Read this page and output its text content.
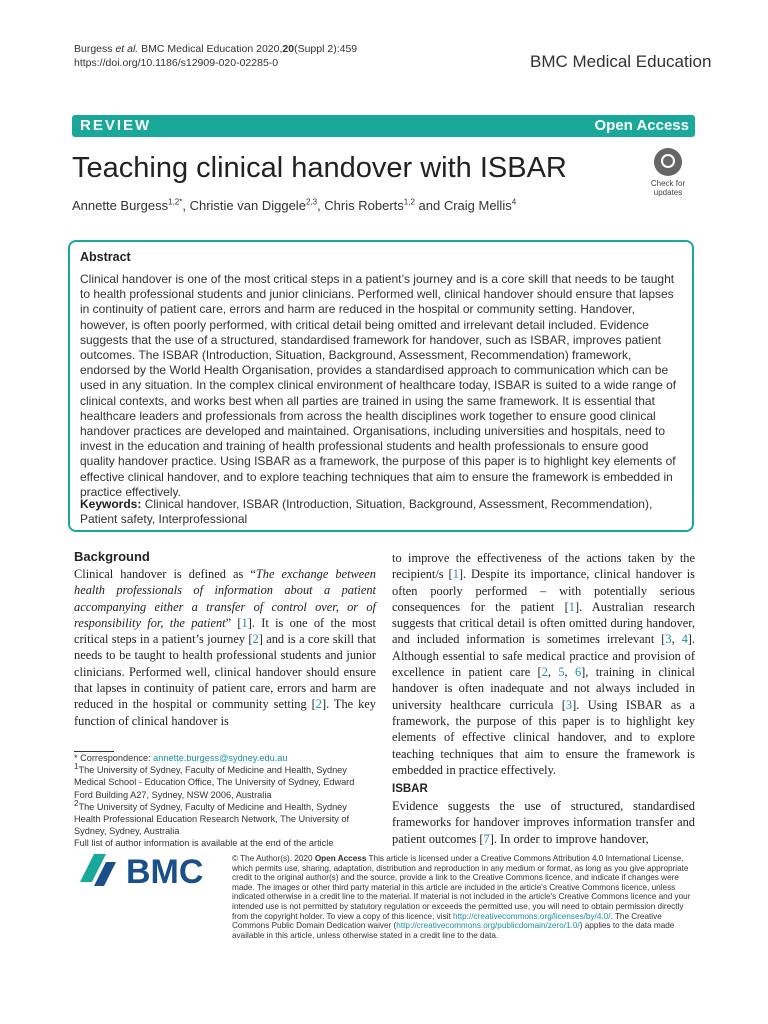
Burgess et al. BMC Medical Education 2020,20(Suppl 2):459
https://doi.org/10.1186/s12909-020-02285-0	BMC Medical Education
REVIEW	Open Access
Teaching clinical handover with ISBAR
Annette Burgess$^{1,2*}$, Christie van Diggele$^{2,3}$, Chris Roberts$^{1,2}$ and Craig Mellis$^4$
Check for
updates
Abstract
Clinical handover is one of the most critical steps in a patient’s journey and is a core skill that needs to be taught to health professional students and junior clinicians. Performed well, clinical handover should ensure that lapses in continuity of patient care, errors and harm are reduced in the hospital or community setting. Handover, however, is often poorly performed, with critical detail being omitted and irrelevant detail included. Evidence suggests that the use of a structured, standardised framework for handover, such as ISBAR, improves patient outcomes. The ISBAR (Introduction, Situation, Background, Assessment, Recommendation) framework, endorsed by the World Health Organisation, provides a standardised approach to communication which can be used in any situation. In the complex clinical environment of healthcare today, ISBAR is suited to a wide range of clinical contexts, and works best when all parties are trained in using the same framework. It is essential that healthcare leaders and professionals from across the health disciplines work together to ensure good clinical handover practices are developed and maintained. Organisations, including universities and hospitals, need to invest in the education and training of health professional students and health professionals to ensure good quality handover practice. Using ISBAR as a framework, the purpose of this paper is to highlight key elements of effective clinical handover, and to explore teaching techniques that aim to ensure the framework is embedded in practice effectively.
Keywords: Clinical handover, ISBAR (Introduction, Situation, Background, Assessment, Recommendation), Patient safety, Interprofessional
Background
Clinical handover is defined as “The exchange between health professionals of information about a patient accompanying either a transfer of control over, or of responsibility for, the patient” [1]. It is one of the most critical steps in a patient’s journey [2] and is a core skill that needs to be taught to health professional students and junior clinicians. Performed well, clinical handover should ensure that lapses in continuity of patient care, errors and harm are reduced in the hospital or community setting [2]. The key function of clinical handover is
* Correspondence: annette.burgess@sydney.edu.au
$^1$The University of Sydney, Faculty of Medicine and Health, Sydney Medical School - Education Office, The University of Sydney, Edward Ford Building A27, Sydney, NSW 2006, Australia
$^2$The University of Sydney, Faculty of Medicine and Health, Sydney Health Professional Education Research Network, The University of Sydney, Sydney, Australia
Full list of author information is available at the end of the article
to improve the effectiveness of the actions taken by the recipient/s [1]. Despite its importance, clinical handover is often poorly performed – with potentially serious consequences for the patient [1]. Australian research suggests that critical detail is often omitted during handover, and included information is sometimes irrelevant [3, 4]. Although essential to safe medical practice and provision of excellence in patient care [2, 5, 6], training in clinical handover is often inadequate and not always included in university healthcare curricula [3]. Using ISBAR as a framework, the purpose of this paper is to highlight key elements of effective clinical handover, and to explore teaching techniques that aim to ensure the framework is embedded in practice effectively.
ISBAR
Evidence suggests the use of structured, standardised frameworks for handover improves information transfer and patient outcomes [7]. In order to improve handover,
BMC	© The Author(s). 2020 Open Access This article is licensed under a Creative Commons Attribution 4.0 International License, which permits use, sharing, adaptation, distribution and reproduction in any medium or format, as long as you give appropriate credit to the original author(s) and the source, provide a link to the Creative Commons licence, and indicate if changes were made. The images or other third party material in this article are included in the article's Creative Commons licence, unless indicated otherwise in a credit line to the material. If material is not included in the article's Creative Commons licence and your intended use is not permitted by statutory regulation or exceeds the permitted use, you will need to obtain permission directly from the copyright holder. To view a copy of this licence, visit http://creativecommons.org/licenses/by/4.0/. The Creative Commons Public Domain Dedication waiver (http://creativecommons.org/publicdomain/zero/1.0/) applies to the data made available in this article, unless otherwise stated in a credit line to the data.
